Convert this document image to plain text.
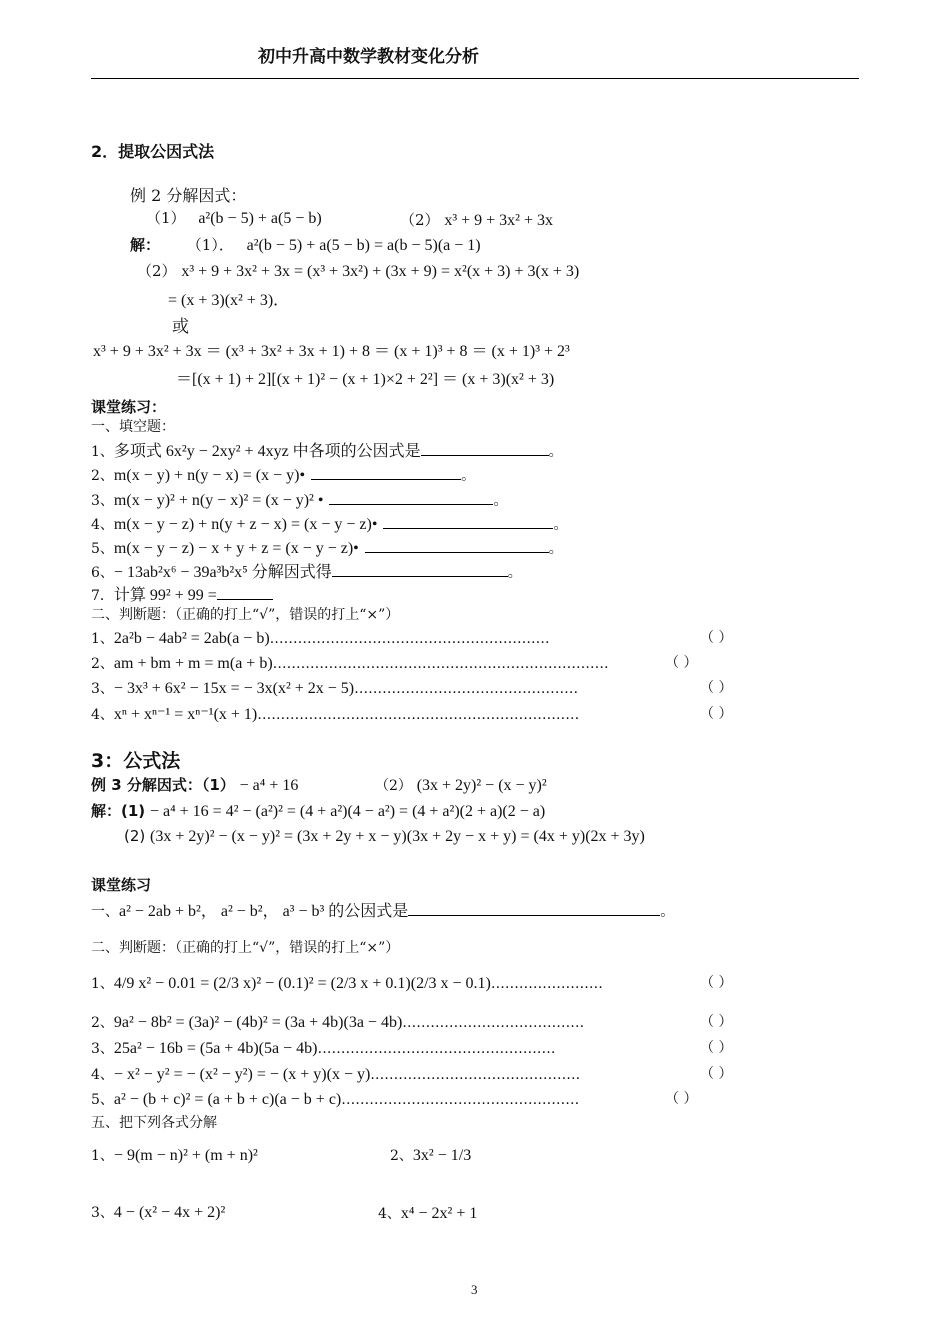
初中升高中数学教材变化分析
2．提取公因式法
例 2 分解因式：
（1） a²(b − 5) + a(5 − b)	（2） x³ + 9 + 3x² + 3x
解： （1）． a²(b − 5) + a(5 − b) = a(b − 5)(a − 1)
（2） x³ + 9 + 3x² + 3x = (x³ + 3x²) + (3x + 9) = x²(x + 3) + 3(x + 3)
= (x + 3)(x² + 3)．
或
x³ + 9 + 3x² + 3x ＝ (x³ + 3x² + 3x + 1) + 8 ＝ (x + 1)³ + 8 ＝ (x + 1)³ + 2³
＝[(x + 1) + 2][(x + 1)² − (x + 1)×2 + 2²] ＝ (x + 3)(x² + 3)
课堂练习：
一、填空题：
1、多项式 6x²y − 2xy² + 4xyz 中各项的公因式是	。
2、m(x − y) + n(y − x) = (x − y)•	。
3、m(x − y)² + n(y − x)² = (x − y)² •	。
4、m(x − y − z) + n(y + z − x) = (x − y − z)•	。
5、m(x − y − z) − x + y + z = (x − y − z)•	。
6、− 13ab²x⁶ − 39a³b²x⁵ 分解因式得	。
7．计算 99² + 99 =
二、判断题：（正确的打上“√”，错误的打上“×”）
1、2a²b − 4ab² = 2ab(a − b)……………………………………………………	（ ）
2、am + bm + m = m(a + b)………………………………………………………………	（ ）
3、− 3x³ + 6x² − 15x = − 3x(x² + 2x − 5)…………………………………………	（ ）
4、xⁿ + xⁿ⁻¹ = xⁿ⁻¹(x + 1)……………………………………………………………	（ ）
3：公式法
例 3 分解因式：（1） − a⁴ + 16	（2） (3x + 2y)² − (x − y)²
解：(1) − a⁴ + 16 = 4² − (a²)² = (4 + a²)(4 − a²) = (4 + a²)(2 + a)(2 − a)
(2) (3x + 2y)² − (x − y)² = (3x + 2y + x − y)(3x + 2y − x + y) = (4x + y)(2x + 3y)
课堂练习
一、a² − 2ab + b²， a² − b²， a³ − b³ 的公因式是	。
二、判断题：（正确的打上“√”，错误的打上“×”）
1、4/9 x² − 0.01 = (2/3 x)² − (0.1)² = (2/3 x + 0.1)(2/3 x − 0.1)……………………	（ ）
2、9a² − 8b² = (3a)² − (4b)² = (3a + 4b)(3a − 4b)…………………………………	（ ）
3、25a² − 16b = (5a + 4b)(5a − 4b)……………………………………………	（ ）
4、− x² − y² = − (x² − y²) = − (x + y)(x − y)………………………………………	（ ）
5、a² − (b + c)² = (a + b + c)(a − b + c)……………………………………………	（ ）
五、把下列各式分解
1、− 9(m − n)² + (m + n)²	2、3x² − 1/3
3、4 − (x² − 4x + 2)²	4、x⁴ − 2x² + 1
3
